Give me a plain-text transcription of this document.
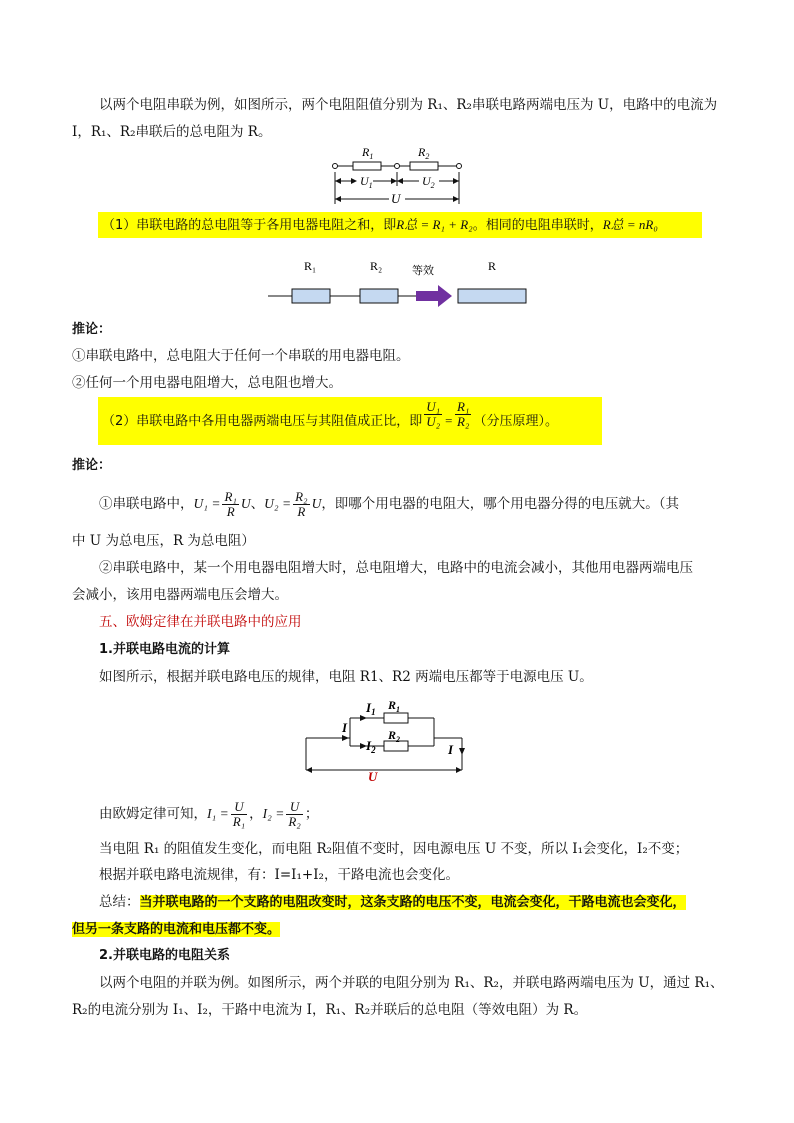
以两个电阻串联为例，如图所示，两个电阻阻值分别为 R₁、R₂串联电路两端电压为 U，电路中的电流为
I，R₁、R₂串联后的总电阻为 R。
$R_1$	$R_2$
$U_1$	$U_2$
U
（1）串联电路的总电阻等于各用电器电阻之和，即R总 = R₁ + R₂。相同的电阻串联时，R总 = nR₀
R₁	R₂	等效	R
推论：
①串联电路中，总电阻大于任何一个串联的用电器电阻。
②任何一个用电器电阻增大，总电阻也增大。
（2）串联电路中各用电器两端电压与其阻值成正比，即 $\frac{\text{U₁}}{\text{U₂}} = \frac{\text{R₁}}{\text{R₂}}$ （分压原理）。
推论：
①串联电路中，$U_1 = \frac{\text{R₁}}{R}$ U、$U_2 = \frac{\text{R₂}}{R}$ U，即哪个用电器的电阻大，哪个用电器分得的电压就大。（其
中 U 为总电压，R 为总电阻）
②串联电路中，某一个用电器电阻增大时，总电阻增大，电路中的电流会减小，其他用电器两端电压
会减小，该用电器两端电压会增大。
五、欧姆定律在并联电路中的应用
1.并联电路电流的计算
如图所示，根据并联电路电压的规律，电阻 R1、R2 两端电压都等于电源电压 U。
$I_1$ $R_1$
I
$I_2$
$R_2$
I
U
由欧姆定律可知，$I_1 = \frac{U}{\text{R₁}}$ ，$I_2 = \frac{U}{\text{R₂}}$ ；
当电阻 R₁ 的阻值发生变化，而电阻 R₂阻值不变时，因电源电压 U 不变，所以 I₁会变化，I₂不变；
根据并联电路电流规律，有：I=I₁+I₂，干路电流也会变化。
总结：当并联电路的一个支路的电阻改变时，这条支路的电压不变，电流会变化，干路电流也会变化，
但另一条支路的电流和电压都不变。
2.并联电路的电阻关系
以两个电阻的并联为例。如图所示，两个并联的电阻分别为 R₁、R₂，并联电路两端电压为 U，通过 R₁、
R₂的电流分别为 I₁、I₂，干路中电流为 I，R₁、R₂并联后的总电阻（等效电阻）为 R。
